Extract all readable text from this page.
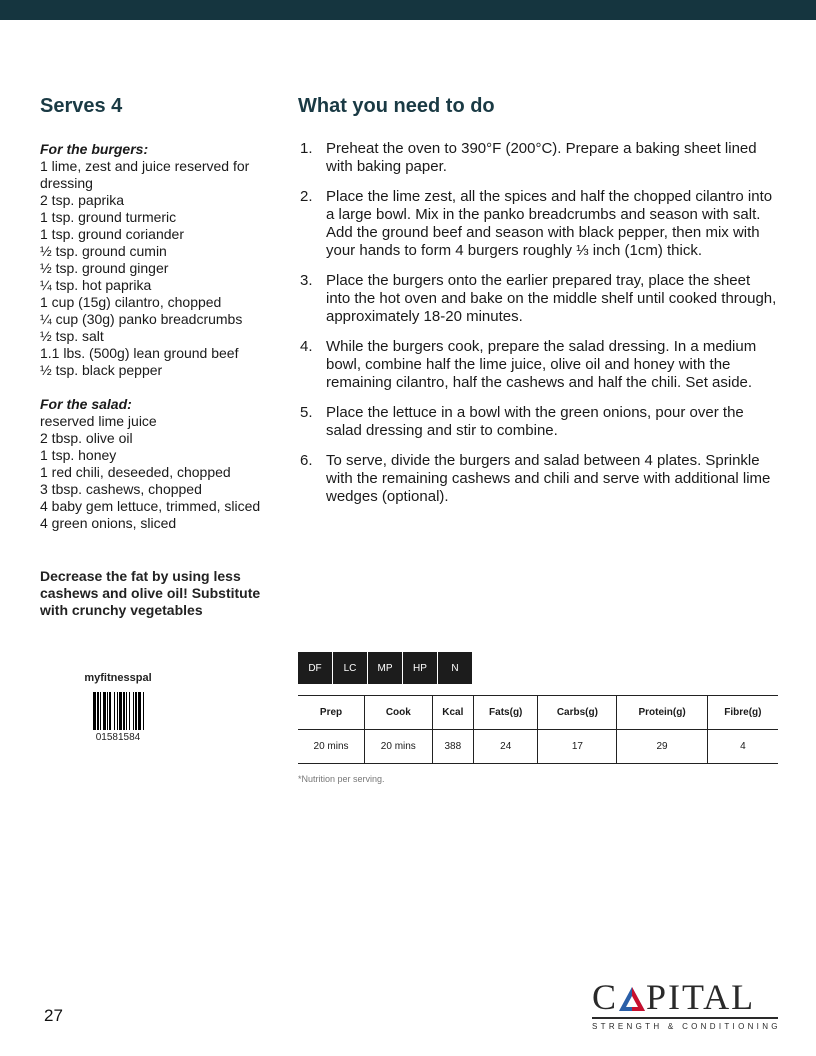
Serves 4
For the burgers:
1 lime, zest and juice reserved for dressing
2 tsp. paprika
1 tsp. ground turmeric
1 tsp. ground coriander
½ tsp. ground cumin
½ tsp. ground ginger
¼ tsp. hot paprika
1 cup (15g) cilantro, chopped
¼ cup (30g) panko breadcrumbs
½ tsp. salt
1.1 lbs. (500g) lean ground beef
½ tsp. black pepper
For the salad:
reserved lime juice
2 tbsp. olive oil
1 tsp. honey
1 red chili, deseeded, chopped
3 tbsp. cashews, chopped
4 baby gem lettuce, trimmed, sliced
4 green onions, sliced
Decrease the fat by using less cashews and olive oil! Substitute with crunchy vegetables
What you need to do
1. Preheat the oven to 390°F (200°C). Prepare a baking sheet lined with baking paper.
2. Place the lime zest, all the spices and half the chopped cilantro into a large bowl. Mix in the panko breadcrumbs and season with salt. Add the ground beef and season with black pepper, then mix with your hands to form 4 burgers roughly ⅓ inch (1cm) thick.
3. Place the burgers onto the earlier prepared tray, place the sheet into the hot oven and bake on the middle shelf until cooked through, approximately 18-20 minutes.
4. While the burgers cook, prepare the salad dressing. In a medium bowl, combine half the lime juice, olive oil and honey with the remaining cilantro, half the cashews and half the chili. Set aside.
5. Place the lettuce in a bowl with the green onions, pour over the salad dressing and stir to combine.
6. To serve, divide the burgers and salad between 4 plates. Sprinkle with the remaining cashews and chili and serve with additional lime wedges (optional).
myfitnesspal
01581584
DF	LC	MP	HP	N
Prep	Cook	Kcal	Fats(g)	Carbs(g)	Protein(g)	Fibre(g)
20 mins	20 mins	388	24	17	29	4
*Nutrition per serving.
27	C PITAL
STRENGTH & CONDITIONING
